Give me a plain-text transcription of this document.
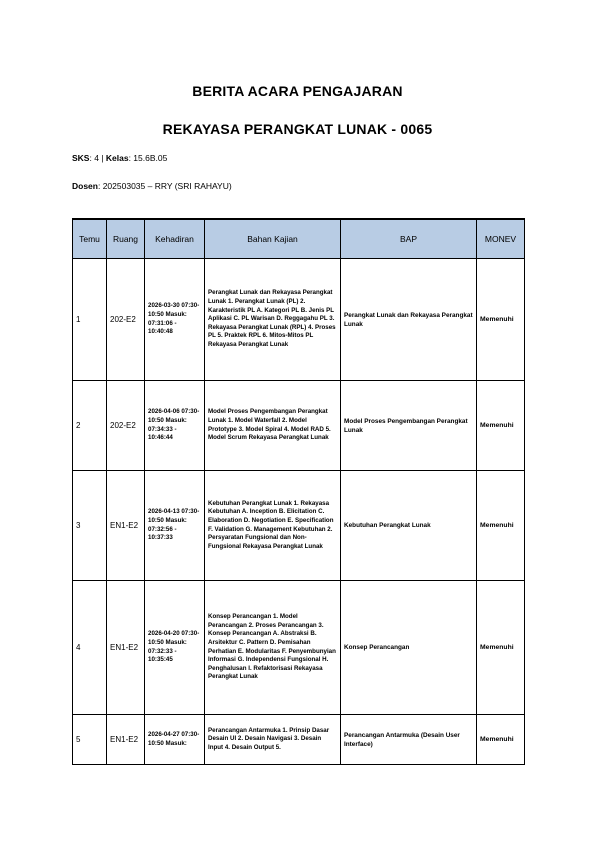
BERITA ACARA PENGAJARAN
REKAYASA PERANGKAT LUNAK - 0065
SKS: 4 | Kelas: 15.6B.05
Dosen: 202503035 – RRY (SRI RAHAYU)
Temu	Ruang	Kehadiran	Bahan Kajian	BAP	MONEV
1	202-E2	2026-03-30 07:30-10:50 Masuk: 07:31:06 - 10:40:48	Perangkat Lunak dan Rekayasa Perangkat Lunak 1. Perangkat Lunak (PL) 2. Karakteristik PL A. Kategori PL B. Jenis PL Aplikasi C. PL Warisan D. Reggagahu PL 3. Rekayasa Perangkat Lunak (RPL) 4. Proses PL 5. Praktek RPL 6. Mitos-Mitos PL Rekayasa Perangkat Lunak	Perangkat Lunak dan Rekayasa Perangkat Lunak	Memenuhi
2	202-E2	2026-04-06 07:30-10:50 Masuk: 07:34:33 - 10:46:44	Model Proses Pengembangan Perangkat Lunak 1. Model Waterfall 2. Model Prototype 3. Model Spiral 4. Model RAD 5. Model Scrum Rekayasa Perangkat Lunak	Model Proses Pengembangan Perangkat Lunak	Memenuhi
3	EN1-E2	2026-04-13 07:30-10:50 Masuk: 07:32:56 - 10:37:33	Kebutuhan Perangkat Lunak 1. Rekayasa Kebutuhan A. Inception B. Elicitation C. Elaboration D. Negotiation E. Specification F. Validation G. Management Kebutuhan 2. Persyaratan Fungsional dan Non-Fungsional Rekayasa Perangkat Lunak	Kebutuhan Perangkat Lunak	Memenuhi
4	EN1-E2	2026-04-20 07:30-10:50 Masuk: 07:32:33 - 10:35:45	Konsep Perancangan 1. Model Perancangan 2. Proses Perancangan 3. Konsep Perancangan A. Abstraksi B. Arsitektur C. Pattern D. Pemisahan Perhatian E. Modularitas F. Penyembunyian Informasi G. Independensi Fungsional H. Penghalusan I. Refaktorisasi Rekayasa Perangkat Lunak	Konsep Perancangan	Memenuhi
5	EN1-E2	2026-04-27 07:30-10:50 Masuk:	Perancangan Antarmuka 1. Prinsip Dasar Desain UI 2. Desain Navigasi 3. Desain Input 4. Desain Output 5.	Perancangan Antarmuka (Desain User Interface)	Memenuhi
